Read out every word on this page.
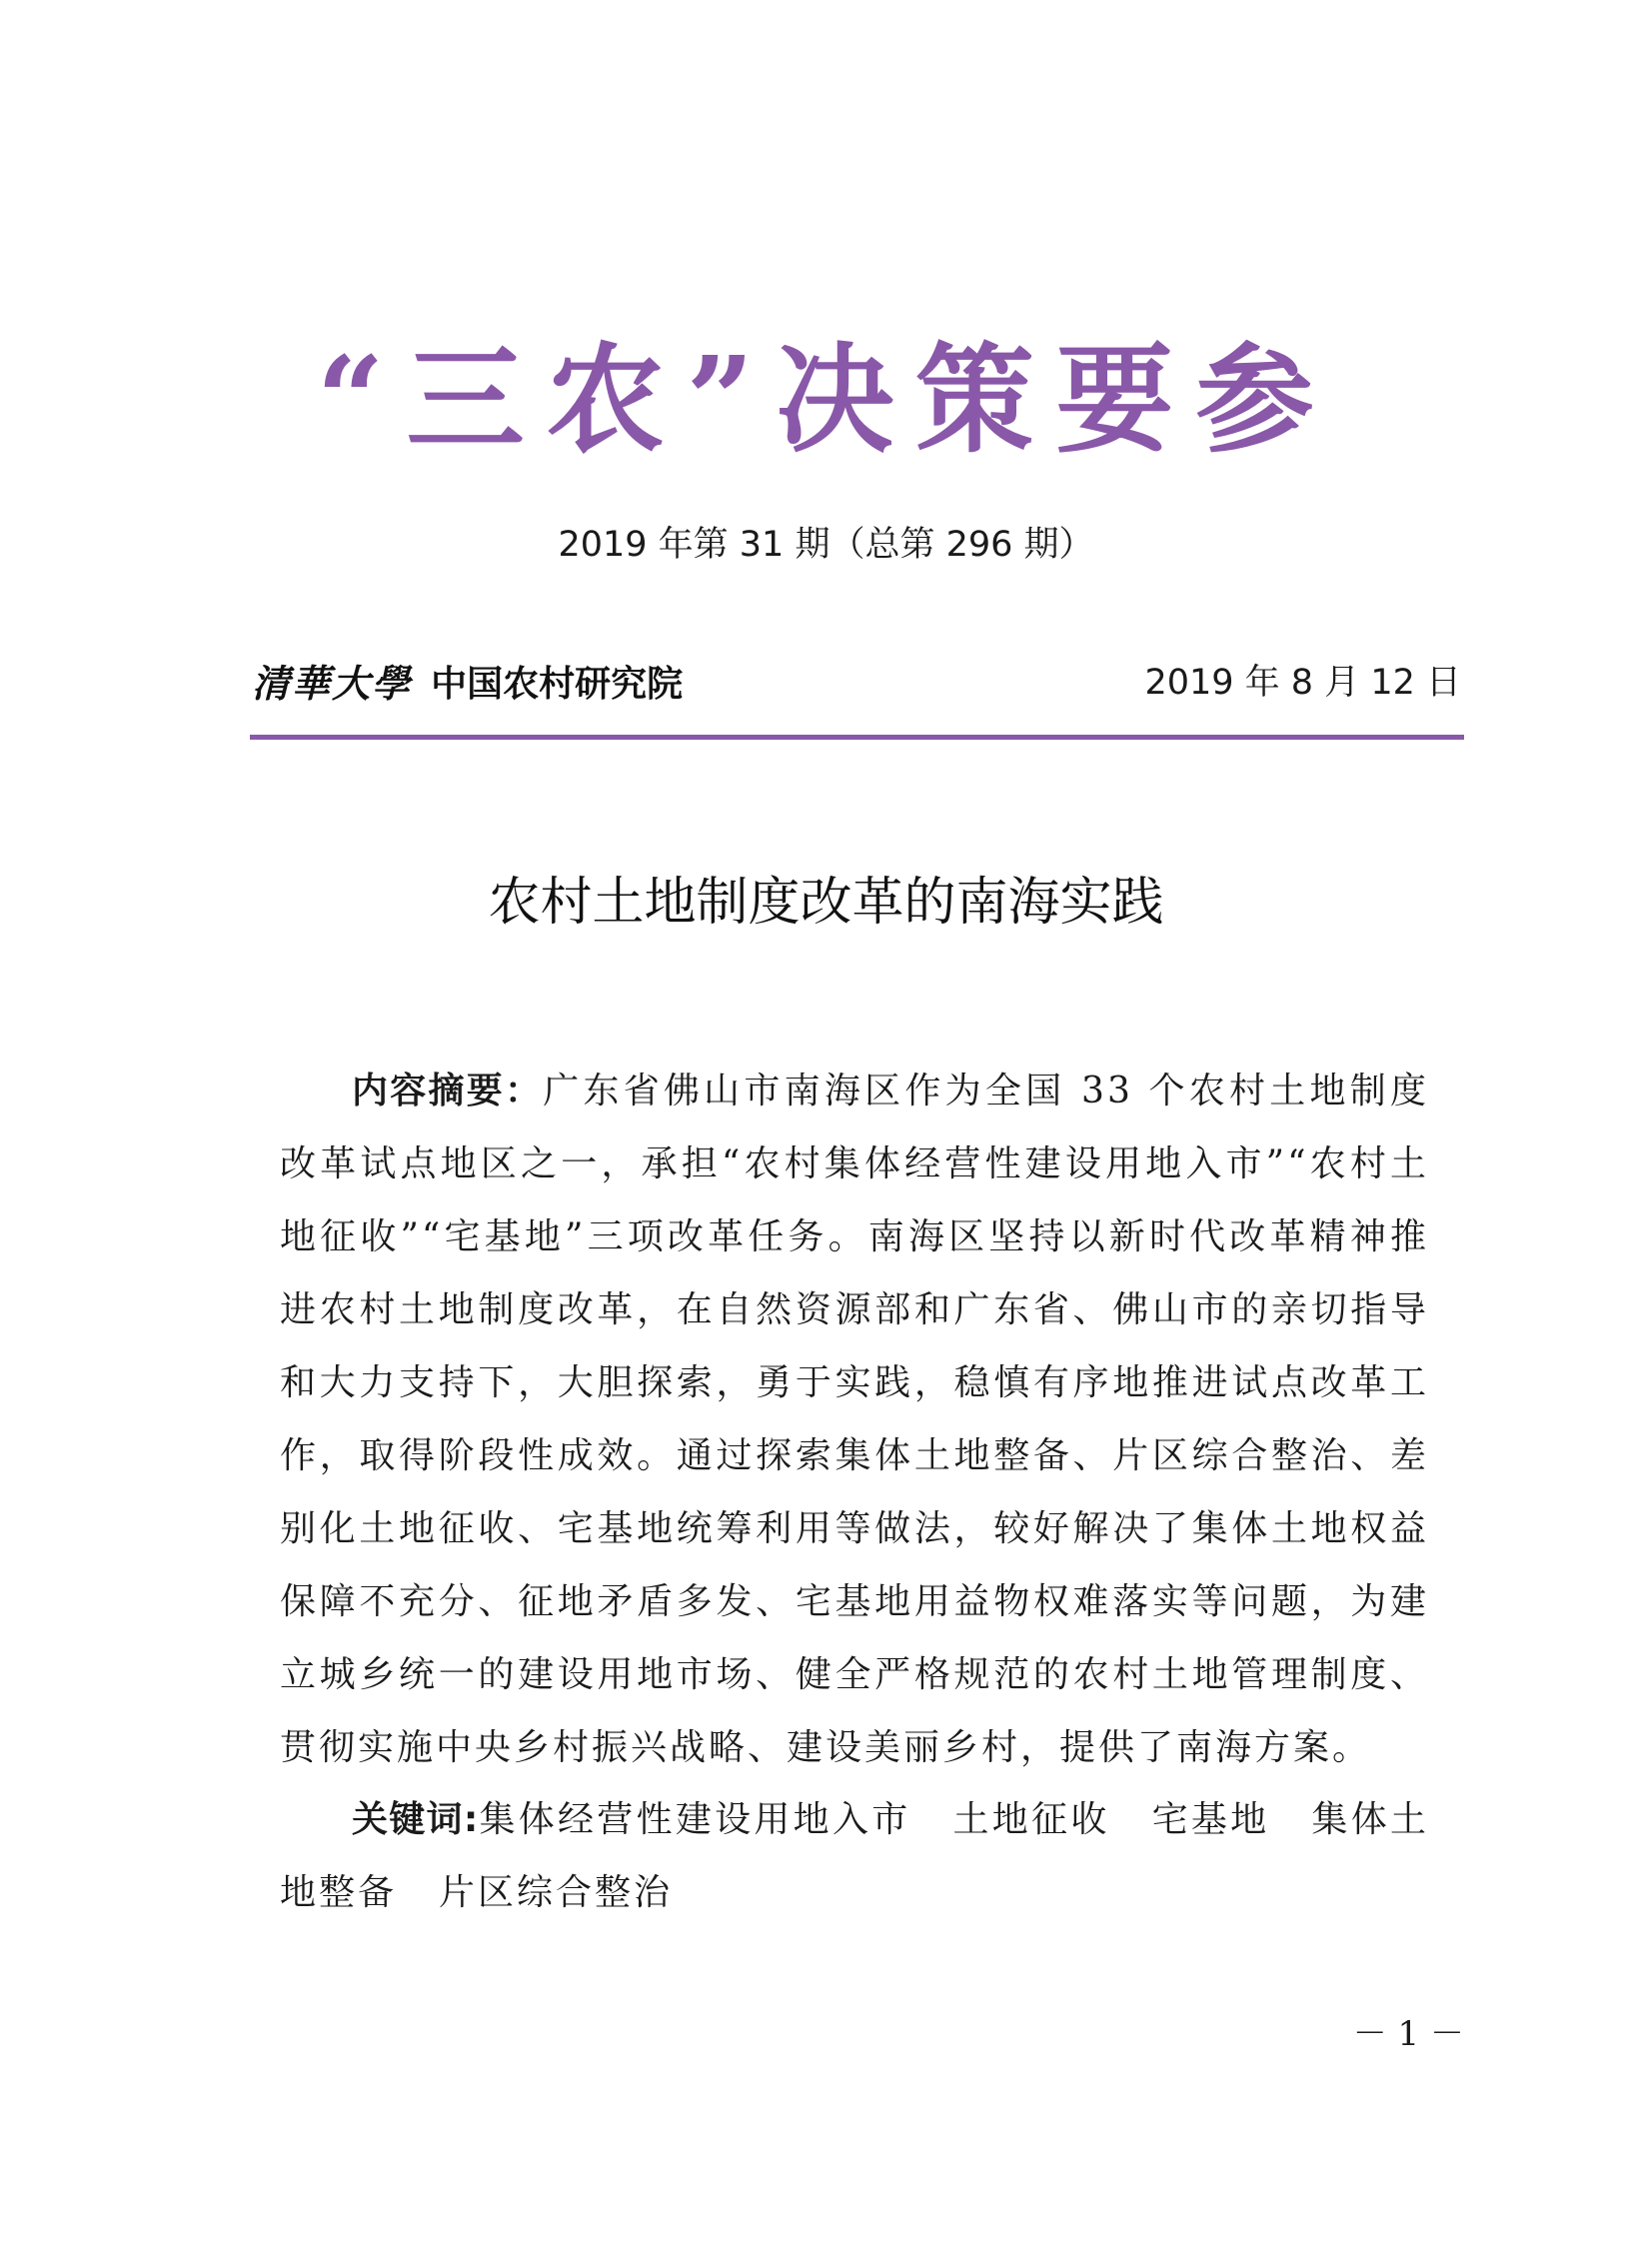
“三农”决策要参
2019 年第 31 期（总第 296 期）
清華大學 中国农村研究院	2019 年 8 月 12 日
农村土地制度改革的南海实践

内容摘要：广东省佛山市南海区作为全国 33 个农村土地制度改革试点地区之一，承担“农村集体经营性建设用地入市”“农村土地征收”“宅基地”三项改革任务。南海区坚持以新时代改革精神推进农村土地制度改革，在自然资源部和广东省、佛山市的亲切指导和大力支持下，大胆探索，勇于实践，稳慎有序地推进试点改革工作，取得阶段性成效。通过探索集体土地整备、片区综合整治、差别化土地征收、宅基地统筹利用等做法，较好解决了集体土地权益保障不充分、征地矛盾多发、宅基地用益物权难落实等问题，为建立城乡统一的建设用地市场、健全严格规范的农村土地管理制度、贯彻实施中央乡村振兴战略、建设美丽乡村，提供了南海方案。

关键词:集体经营性建设用地入市 土地征收 宅基地 集体土地整备 片区综合整治

－ 1 －
